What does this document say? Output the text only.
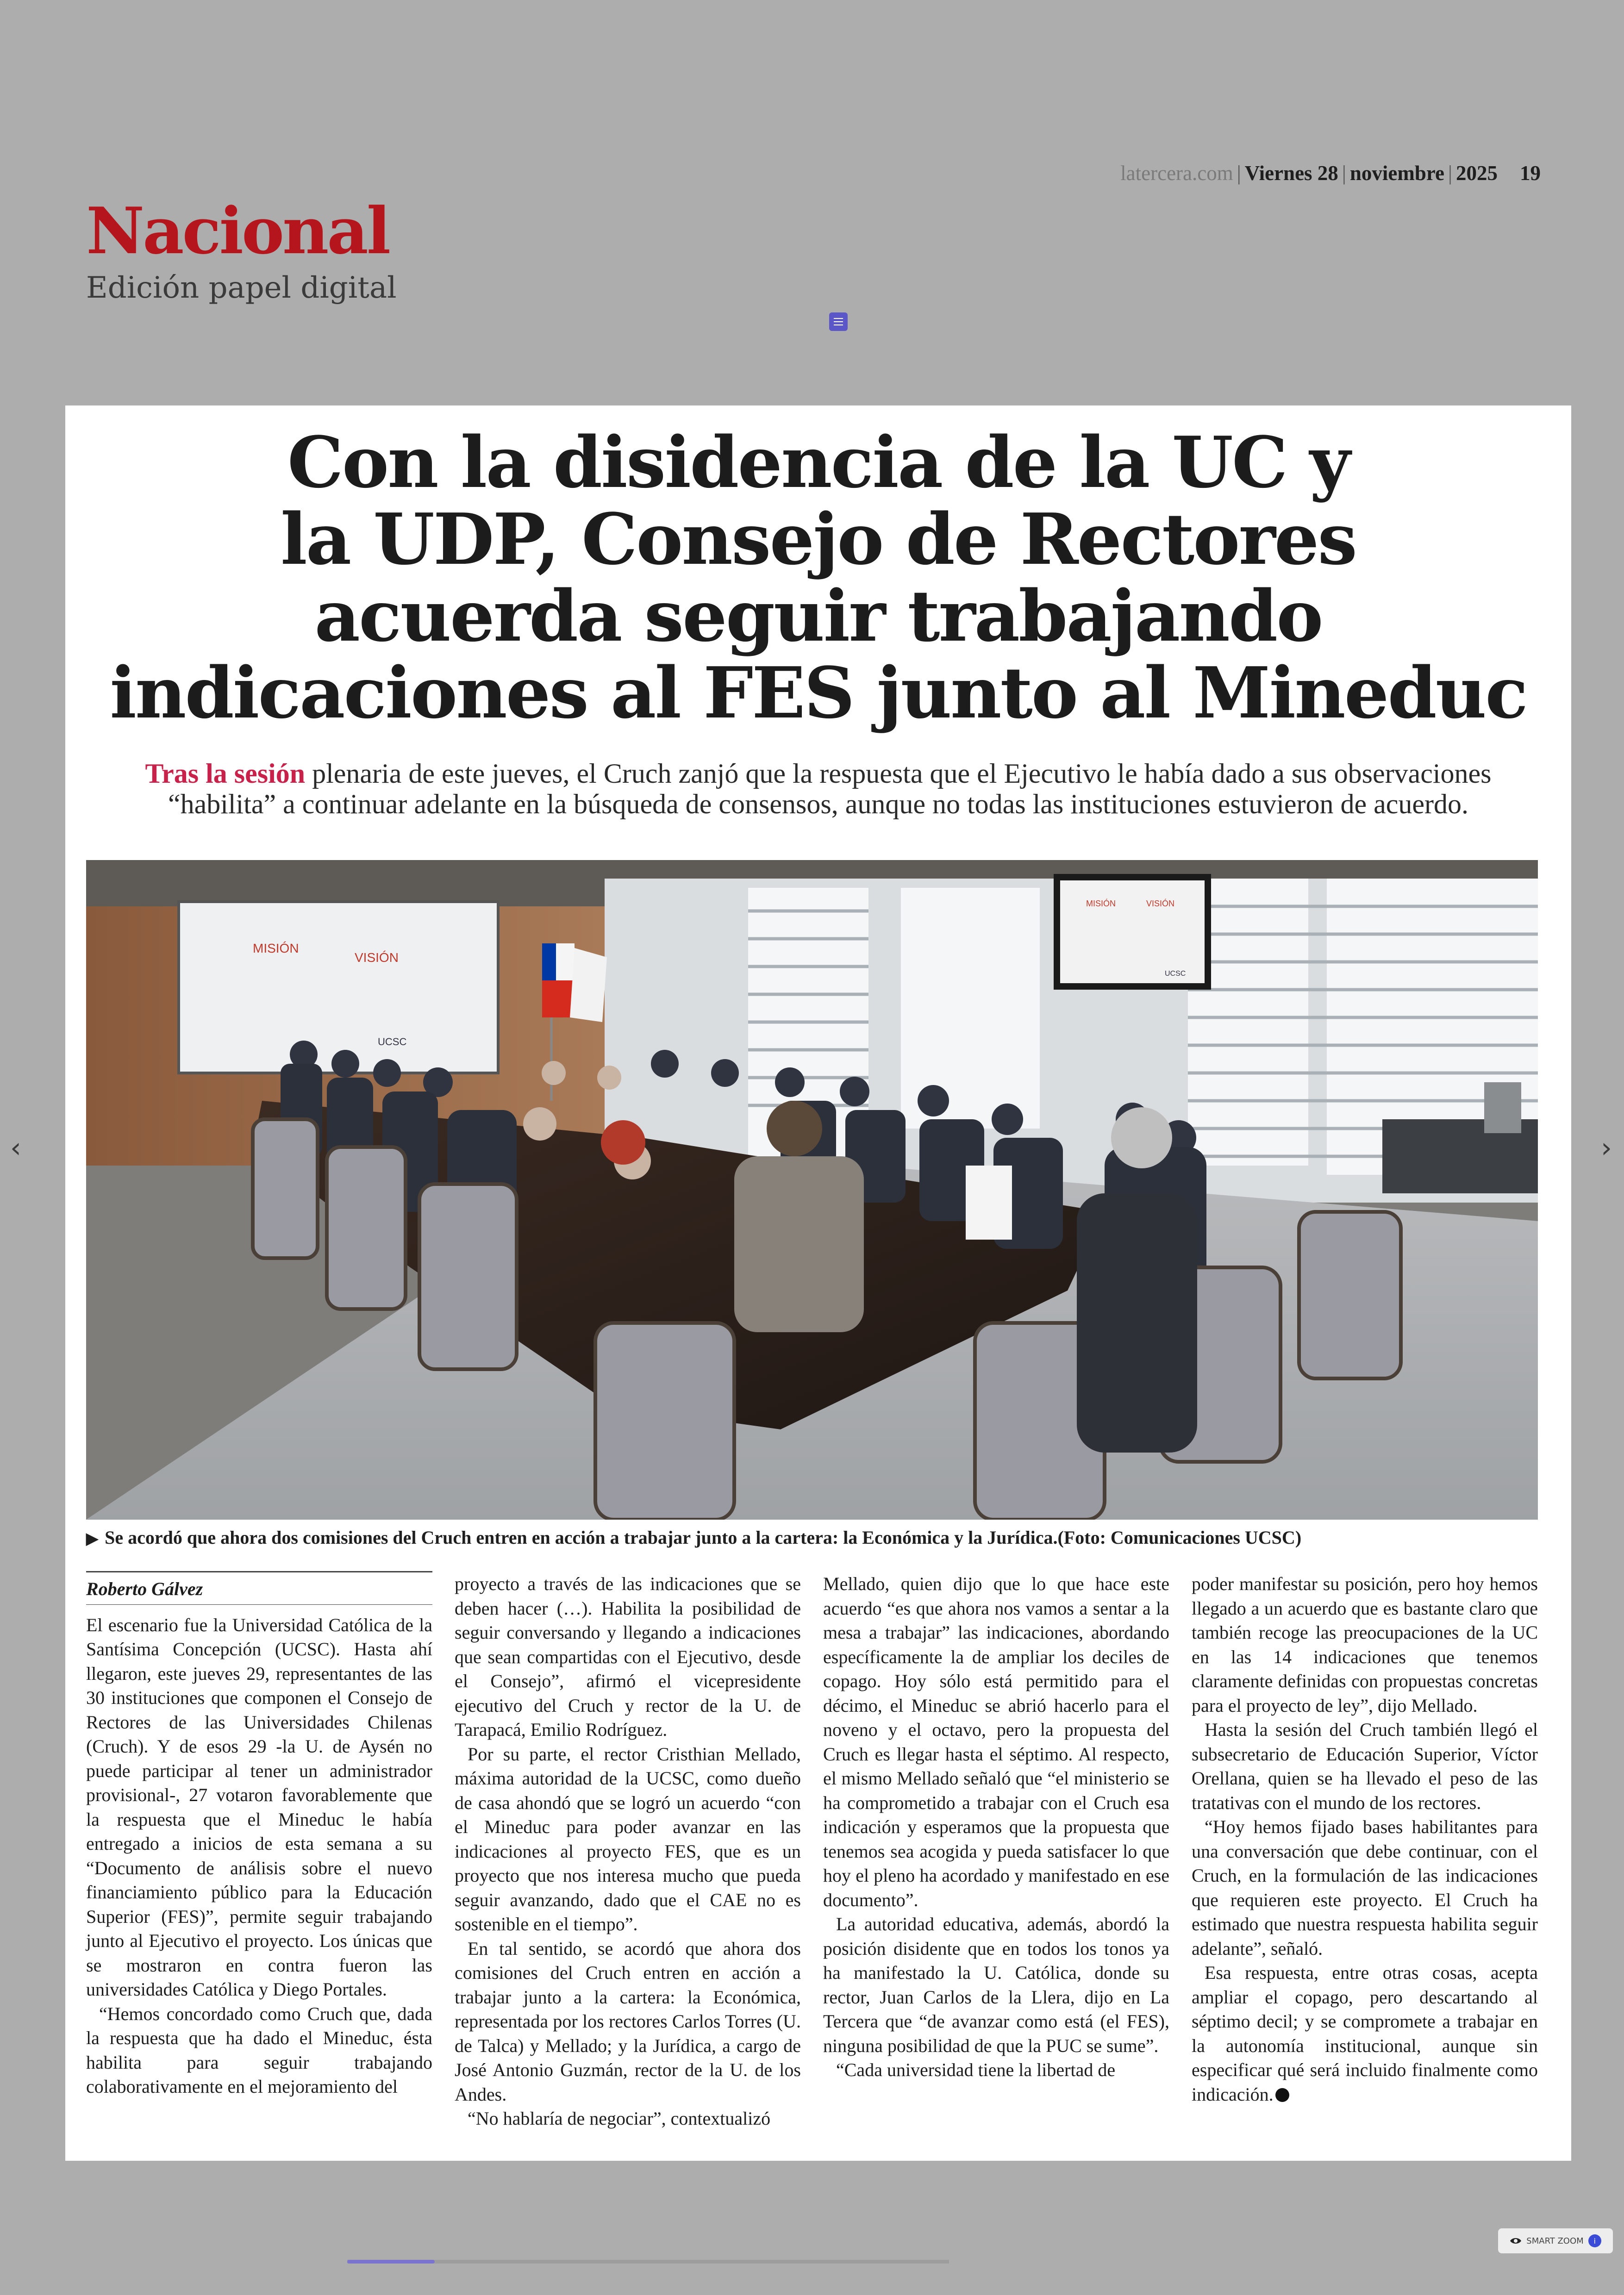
latercera.com | Viernes 28 | noviembre | 2025 19
Nacional
Edición papel digital
Con la disidencia de la UC y
la UDP, Consejo de Rectores
acuerda seguir trabajando
indicaciones al FES junto al Mineduc
Tras la sesión plenaria de este jueves, el Cruch zanjó que la respuesta que el Ejecutivo le había dado a sus observaciones “habilita” a continuar adelante en la búsqueda de consensos, aunque no todas las instituciones estuvieron de acuerdo.
MISIÓN
VISIÓN
UCSC
MISIÓN	VISIÓN
UCSC
▶ Se acordó que ahora dos comisiones del Cruch entren en acción a trabajar junto a la cartera: la Económica y la Jurídica.(Foto: Comunicaciones UCSC)
Roberto Gálvez

El escenario fue la Universidad Católica de la Santísima Concepción (UCSC). Hasta ahí llegaron, este jueves 29, representantes de las 30 instituciones que componen el Consejo de Rectores de las Universidades Chilenas (Cruch). Y de esos 29 -la U. de Aysén no puede participar al tener un administrador provisional-, 27 votaron favorablemente que la respuesta que el Mineduc le había entregado a inicios de esta semana a su “Documento de análisis sobre el nuevo financiamiento público para la Educación Superior (FES)”, permite seguir trabajando junto al Ejecutivo el proyecto. Los únicas que se mostraron en contra fueron las universidades Católica y Diego Portales.

“Hemos concordado como Cruch que, dada la respuesta que ha dado el Mineduc, ésta habilita para seguir trabajando colaborativamente en el mejoramiento del

proyecto a través de las indicaciones que se deben hacer (…). Habilita la posibilidad de seguir conversando y llegando a indicaciones que sean compartidas con el Ejecutivo, desde el Consejo”, afirmó el vicepresidente ejecutivo del Cruch y rector de la U. de Tarapacá, Emilio Rodríguez.

Por su parte, el rector Cristhian Mellado, máxima autoridad de la UCSC, como dueño de casa ahondó que se logró un acuerdo “con el Mineduc para poder avanzar en las indicaciones al proyecto FES, que es un proyecto que nos interesa mucho que pueda seguir avanzando, dado que el CAE no es sostenible en el tiempo”.

En tal sentido, se acordó que ahora dos comisiones del Cruch entren en acción a trabajar junto a la cartera: la Económica, representada por los rectores Carlos Torres (U. de Talca) y Mellado; y la Jurídica, a cargo de José Antonio Guzmán, rector de la U. de los Andes.

“No hablaría de negociar”, contextualizó

Mellado, quien dijo que lo que hace este acuerdo “es que ahora nos vamos a sentar a la mesa a trabajar” las indicaciones, abordando específicamente la de ampliar los deciles de copago. Hoy sólo está permitido para el décimo, el Mineduc se abrió hacerlo para el noveno y el octavo, pero la propuesta del Cruch es llegar hasta el séptimo. Al respecto, el mismo Mellado señaló que “el ministerio se ha comprometido a trabajar con el Cruch esa indicación y esperamos que la propuesta que tenemos sea acogida y pueda satisfacer lo que hoy el pleno ha acordado y manifestado en ese documento”.

La autoridad educativa, además, abordó la posición disidente que en todos los tonos ya ha manifestado la U. Católica, donde su rector, Juan Carlos de la Llera, dijo en La Tercera que “de avanzar como está (el FES), ninguna posibilidad de que la PUC se sume”.

“Cada universidad tiene la libertad de

poder manifestar su posición, pero hoy hemos llegado a un acuerdo que es bastante claro que también recoge las preocupaciones de la UC en las 14 indicaciones que tenemos claramente definidas con propuestas concretas para el proyecto de ley”, dijo Mellado.

Hasta la sesión del Cruch también llegó el subsecretario de Educación Superior, Víctor Orellana, quien se ha llevado el peso de las tratativas con el mundo de los rectores.

“Hoy hemos fijado bases habilitantes para una conversación que debe continuar, con el Cruch, en la formulación de las indicaciones que requieren este proyecto. El Cruch ha estimado que nuestra respuesta habilita seguir adelante”, señaló.

Esa respuesta, entre otras cosas, acepta ampliar el copago, pero descartando al séptimo decil; y se compromete a trabajar en la autonomía institucional, aunque sin especificar qué será incluido finalmente como indicación.

‹	›
SMART ZOOM	i
